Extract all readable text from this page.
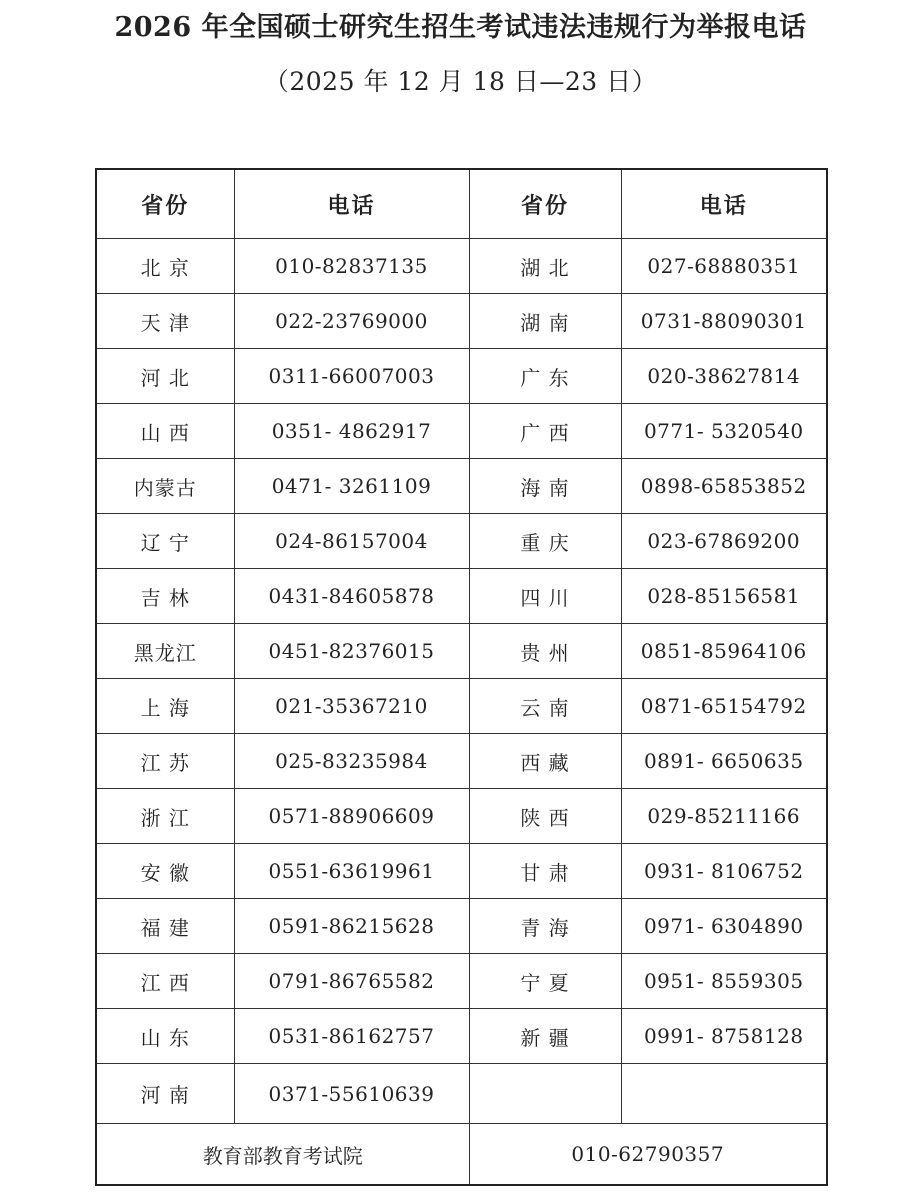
2026 年全国硕士研究生招生考试违法违规行为举报电话

（2025 年 12 月 18 日—23 日）

省份	电话	省份	电话
北 京	010-82837135	湖 北	027-68880351
天 津	022-23769000	湖 南	0731-88090301
河 北	0311-66007003	广 东	020-38627814
山 西	0351- 4862917	广 西	0771- 5320540
内蒙古	0471- 3261109	海 南	0898-65853852
辽 宁	024-86157004	重 庆	023-67869200
吉 林	0431-84605878	四 川	028-85156581
黑龙江	0451-82376015	贵 州	0851-85964106
上 海	021-35367210	云 南	0871-65154792
江 苏	025-83235984	西 藏	0891- 6650635
浙 江	0571-88906609	陕 西	029-85211166
安 徽	0551-63619961	甘 肃	0931- 8106752
福 建	0591-86215628	青 海	0971- 6304890
江 西	0791-86765582	宁 夏	0951- 8559305
山 东	0531-86162757	新 疆	0991- 8758128
河 南	0371-55610639		
教育部教育考试院		010-62790357	
